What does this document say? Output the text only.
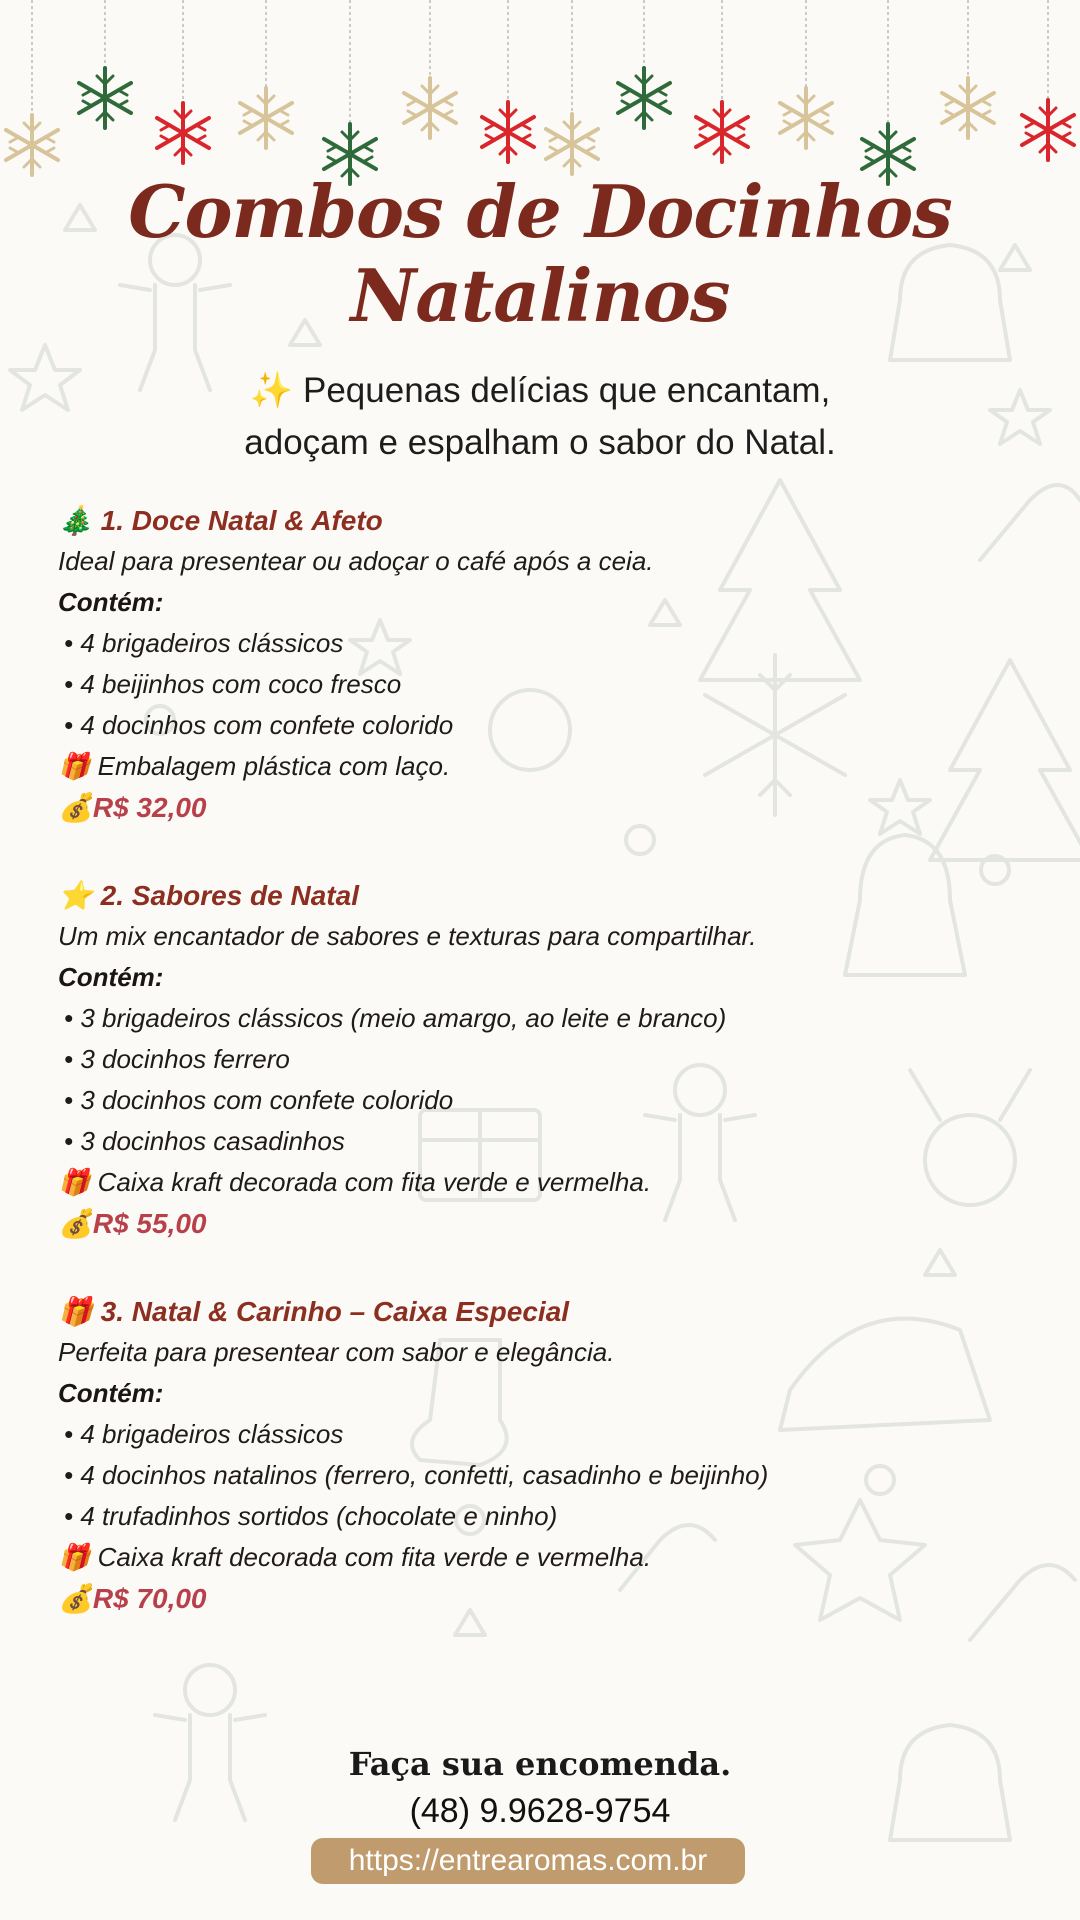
Combos de Docinhos
Natalinos
✨ Pequenas delícias que encantam,
adoçam e espalham o sabor do Natal.
🎄 1. Doce Natal & Afeto
Ideal para presentear ou adoçar o café após a ceia.
Contém:
• 4 brigadeiros clássicos
• 4 beijinhos com coco fresco
• 4 docinhos com confete colorido
🎁 Embalagem plástica com laço.
💰R$ 32,00
⭐ 2. Sabores de Natal
Um mix encantador de sabores e texturas para compartilhar.
Contém:
• 3 brigadeiros clássicos (meio amargo, ao leite e branco)
• 3 docinhos ferrero
• 3 docinhos com confete colorido
• 3 docinhos casadinhos
🎁 Caixa kraft decorada com fita verde e vermelha.
💰R$ 55,00
🎁 3. Natal & Carinho – Caixa Especial
Perfeita para presentear com sabor e elegância.
Contém:
• 4 brigadeiros clássicos
• 4 docinhos natalinos (ferrero, confetti, casadinho e beijinho)
• 4 trufadinhos sortidos (chocolate e ninho)
🎁 Caixa kraft decorada com fita verde e vermelha.
💰R$ 70,00
Faça sua encomenda.
(48) 9.9628-9754
https://entrearomas.com.br
